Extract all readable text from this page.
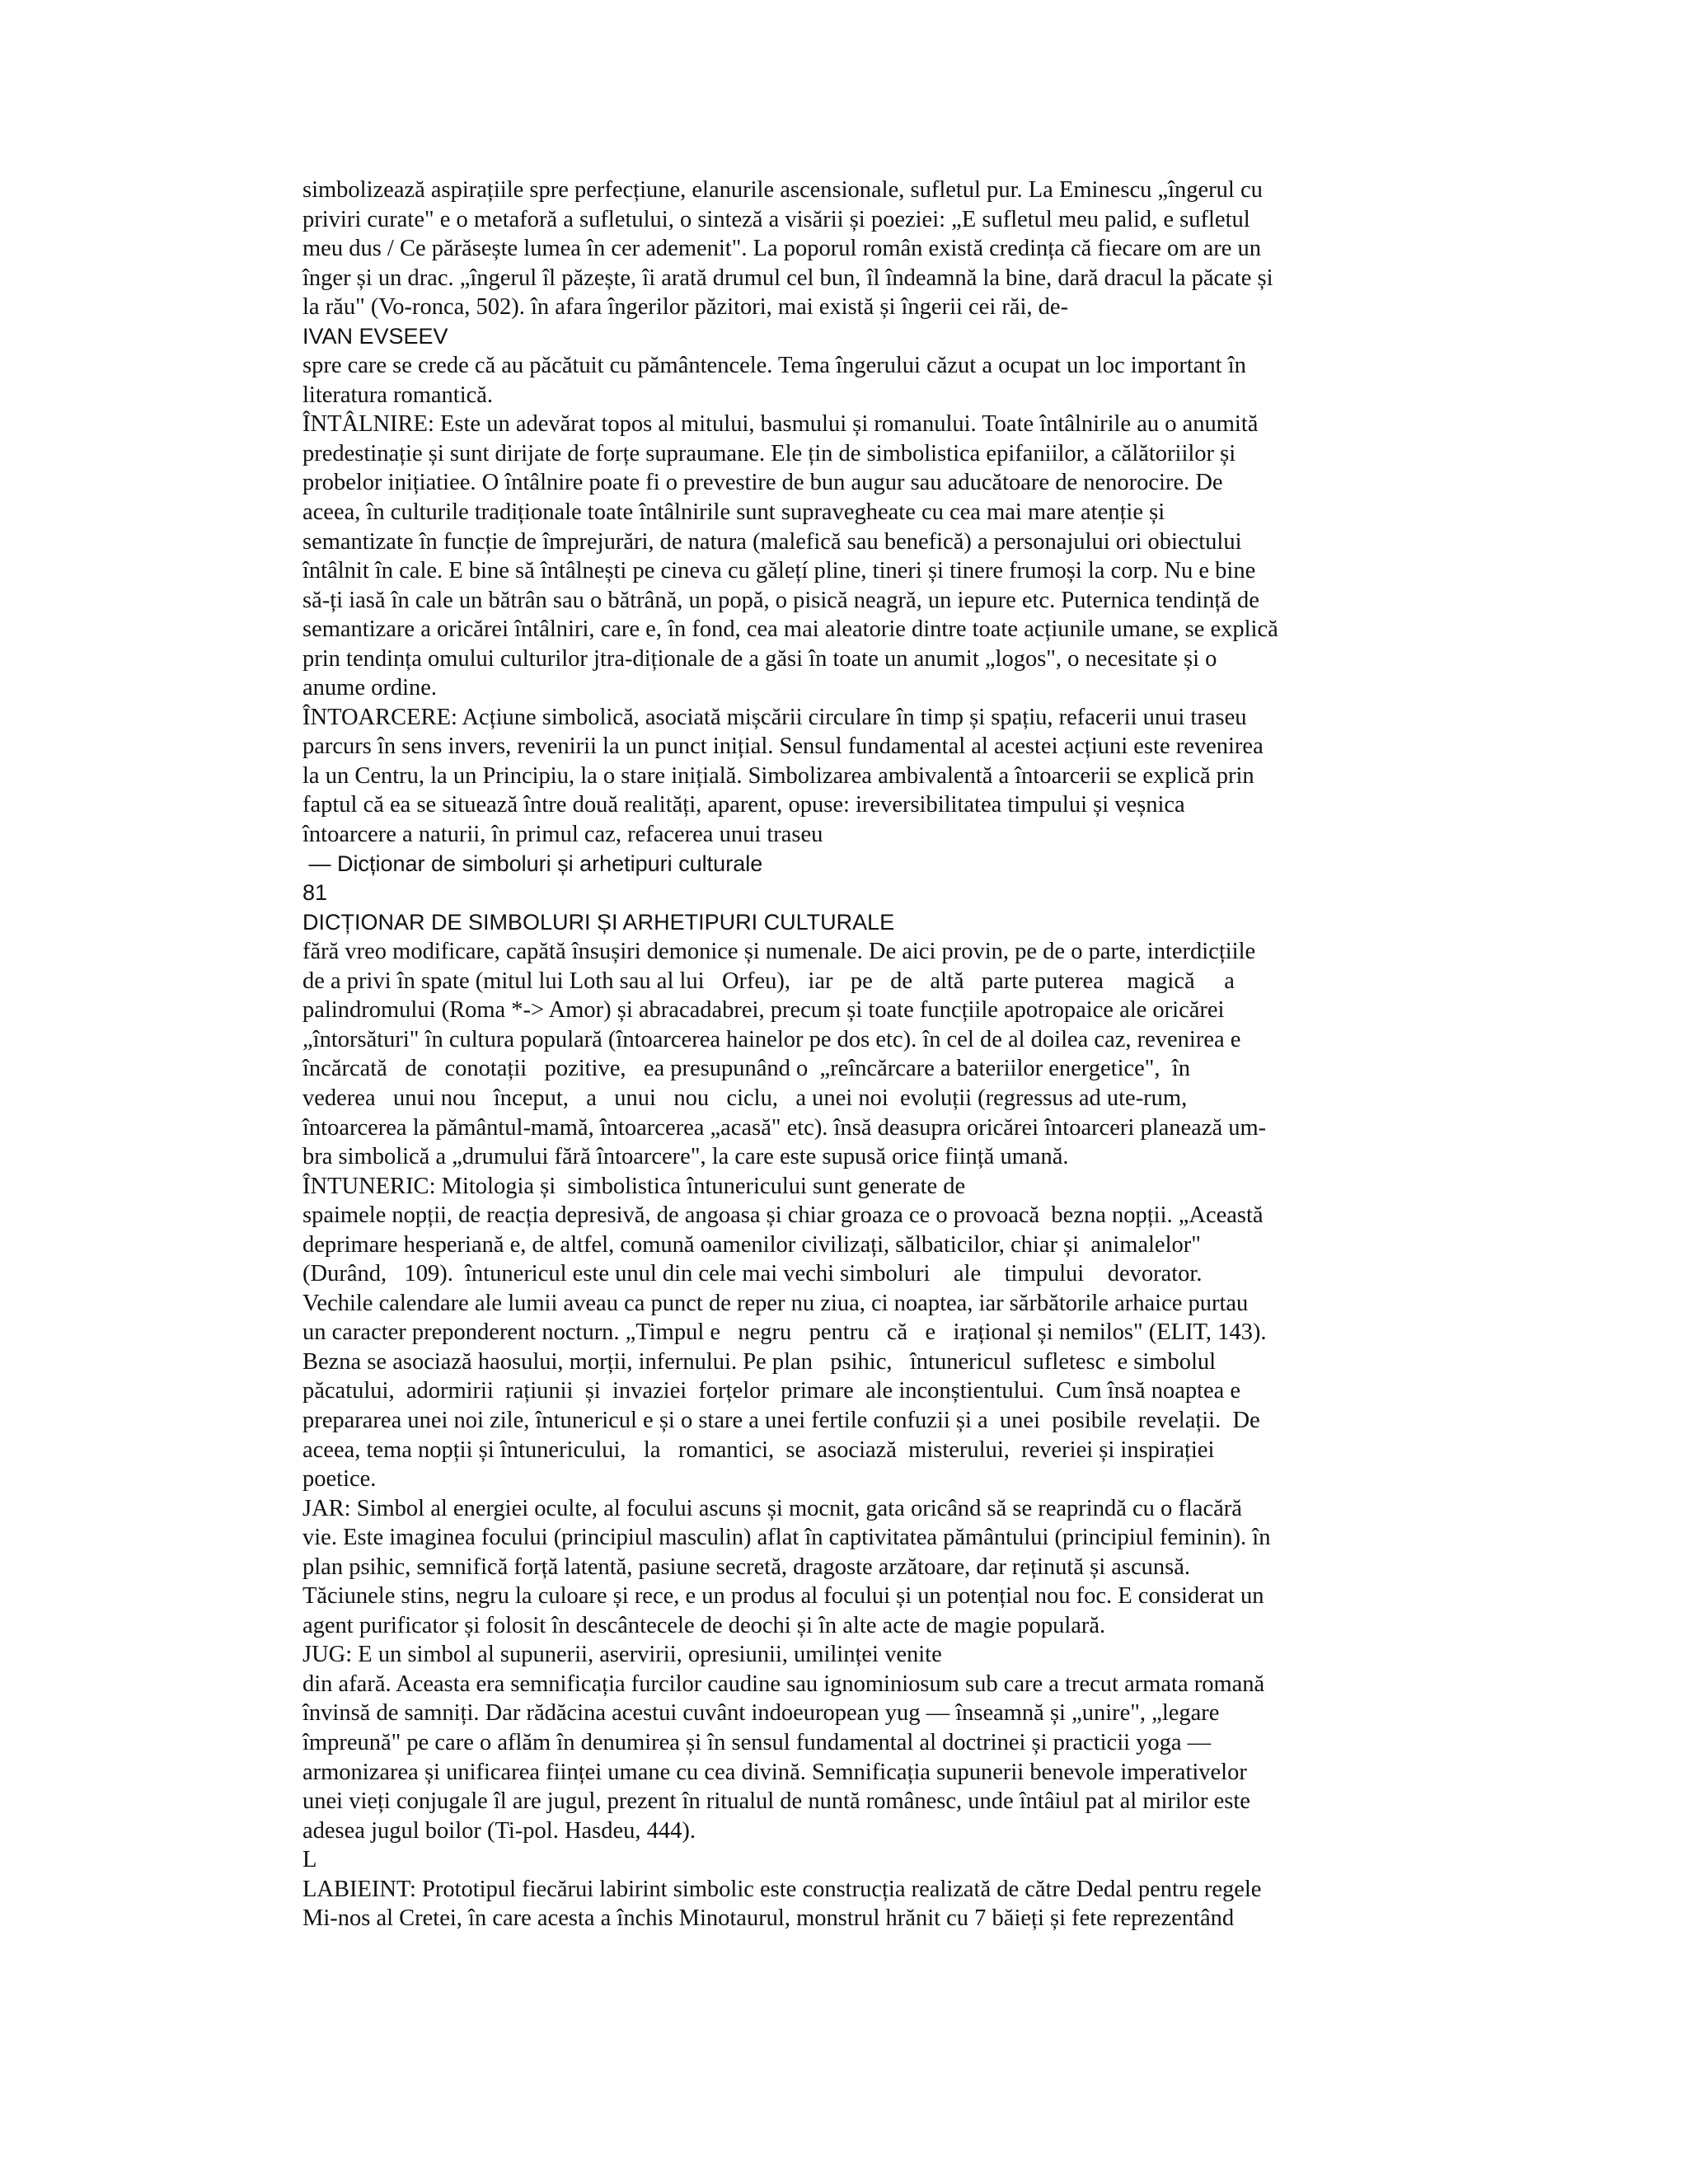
simbolizează aspirațiile spre perfecțiune, elanurile ascensionale, sufletul pur. La Eminescu „îngerul cu
priviri curate" e o metaforă a sufletului, o sinteză a visării și poeziei: „E sufletul meu palid, e sufletul
meu dus / Ce părăsește lumea în cer ademenit". La poporul român există credința că fiecare om are un
înger și un drac. „îngerul îl păzește, îi arată drumul cel bun, îl îndeamnă la bine, dară dracul la păcate și
la rău" (Vo-ronca, 502). în afara îngerilor păzitori, mai există și îngerii cei răi, de-
IVAN EVSEEV
spre care se crede că au păcătuit cu pământencele. Tema îngerului căzut a ocupat un loc important în
literatura romantică.
ÎNTÂLNIRE: Este un adevărat topos al mitului, basmului și romanului. Toate întâlnirile au o anumită
predestinație și sunt dirijate de forțe supraumane. Ele țin de simbolistica epifaniilor, a călătoriilor și
probelor inițiatiee. O întâlnire poate fi o prevestire de bun augur sau aducătoare de nenorocire. De
aceea, în culturile tradiționale toate întâlnirile sunt supravegheate cu cea mai mare atenție și
semantizate în funcție de împrejurări, de natura (malefică sau benefică) a personajului ori obiectului
întâlnit în cale. E bine să întâlnești pe cineva cu gălețí pline, tineri și tinere frumoși la corp. Nu e bine
să-ți iasă în cale un bătrân sau o bătrână, un popă, o pisică neagră, un iepure etc. Puternica tendință de
semantizare a oricărei întâlniri, care e, în fond, cea mai aleatorie dintre toate acțiunile umane, se explică
prin tendința omului culturilor jtra-diționale de a găsi în toate un anumit „logos", o necesitate și o
anume ordine.
ÎNTOARCERE: Acțiune simbolică, asociată mișcării circulare în timp și spațiu, refacerii unui traseu
parcurs în sens invers, revenirii la un punct inițial. Sensul fundamental al acestei acțiuni este revenirea
la un Centru, la un Principiu, la o stare inițială. Simbolizarea ambivalentă a întoarcerii se explică prin
faptul că ea se situează între două realități, aparent, opuse: ireversibilitatea timpului și veșnica
întoarcere a naturii, în primul caz, refacerea unui traseu
— Dicționar de simboluri și arhetipuri culturale
81
DICȚIONAR DE SIMBOLURI ȘI ARHETIPURI CULTURALE
fără vreo modificare, capătă însușiri demonice și numenale. De aici provin, pe de o parte, interdicțiile
de a privi în spate (mitul lui Loth sau al lui   Orfeu),   iar   pe   de   altă   parte puterea    magică     a
palindromului (Roma *-> Amor) și abracadabrei, precum și toate funcțiile apotropaice ale oricărei
„întorsături" în cultura populară (întoarcerea hainelor pe dos etc). în cel de al doilea caz, revenirea e
încărcată   de   conotații   pozitive,   ea presupunând o  „reîncărcare a bateriilor energetice",  în
vederea   unui nou   început,   a   unui   nou   ciclu,   a unei noi  evoluții (regressus ad ute-rum,
întoarcerea la pământul-mamă, întoarcerea „acasă" etc). însă deasupra oricărei întoarceri planează um-
bra simbolică a „drumului fără întoarcere", la care este supusă orice ființă umană.
ÎNTUNERIC: Mitologia și  simbolistica întunericului sunt generate de
spaimele nopții, de reacția depresivă, de angoasa și chiar groaza ce o provoacă  bezna nopții. „Această
deprimare hesperiană e, de altfel, comună oamenilor civilizați, sălbaticilor, chiar și  animalelor"
(Durând,   109).  întunericul este unul din cele mai vechi simboluri    ale    timpului    devorator.
Vechile calendare ale lumii aveau ca punct de reper nu ziua, ci noaptea, iar sărbătorile arhaice purtau
un caracter preponderent nocturn. „Timpul e   negru   pentru   că   e   irațional și nemilos" (ELIT, 143).
Bezna se asociază haosului, morții, infernului. Pe plan   psihic,   întunericul  sufletesc  e simbolul
păcatului,  adormirii  rațiunii  și  invaziei  forțelor  primare  ale inconștientului.  Cum însă noaptea e
prepararea unei noi zile, întunericul e și o stare a unei fertile confuzii și a  unei  posibile  revelații.  De
aceea, tema nopții și întunericului,   la   romantici,  se  asociază  misterului,  reveriei și inspirației
poetice.
JAR: Simbol al energiei oculte, al focului ascuns și mocnit, gata oricând să se reaprindă cu o flacără
vie. Este imaginea focului (principiul masculin) aflat în captivitatea pământului (principiul feminin). în
plan psihic, semnifică forță latentă, pasiune secretă, dragoste arzătoare, dar reținută și ascunsă.
Tăciunele stins, negru la culoare și rece, e un produs al focului și un potențial nou foc. E considerat un
agent purificator și folosit în descântecele de deochi și în alte acte de magie populară.
JUG: E un simbol al supunerii, aservirii, opresiunii, umilinței venite
din afară. Aceasta era semnificația furcilor caudine sau ignominiosum sub care a trecut armata romană
învinsă de samniți. Dar rădăcina acestui cuvânt indoeuropean yug — înseamnă și „unire", „legare
împreună" pe care o aflăm în denumirea și în sensul fundamental al doctrinei și practicii yoga —
armonizarea și unificarea ființei umane cu cea divină. Semnificația supunerii benevole imperativelor
unei vieți conjugale îl are jugul, prezent în ritualul de nuntă românesc, unde întâiul pat al mirilor este
adesea jugul boilor (Ti-pol. Hasdeu, 444).
L
LABIEINT: Prototipul fiecărui labirint simbolic este construcția realizată de către Dedal pentru regele
Mi-nos al Cretei, în care acesta a închis Minotaurul, monstrul hrănit cu 7 băieți și fete reprezentând
